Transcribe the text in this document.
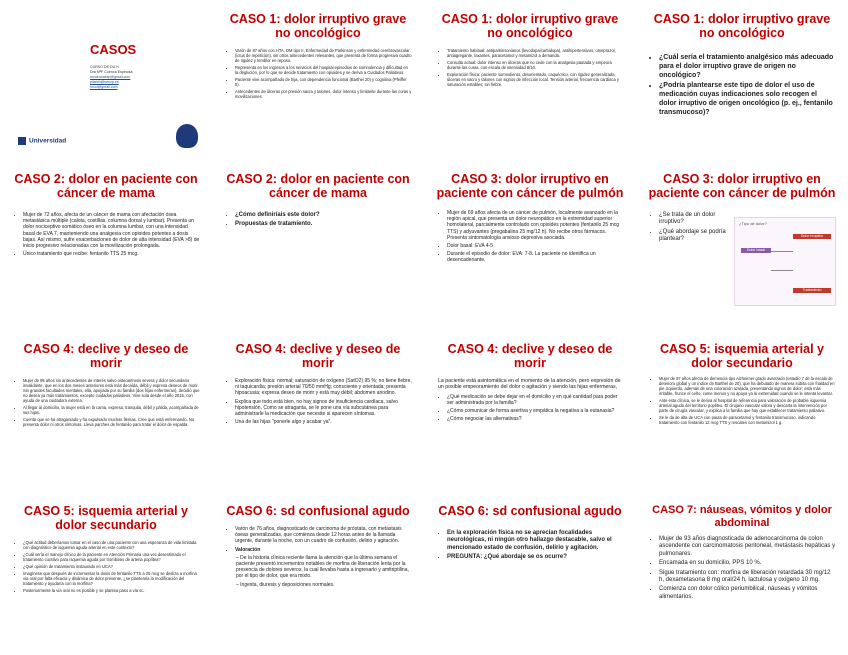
CASOS
CURSO DE DU H
Dra MªF Cuenca Espinosa
mcuencaesp@gmail.com
pilarch@seucp.es
mcol@gmail.com
Universidad
CASO 1: dolor irruptivo grave no oncológico
• Varón de 87 años con HTA, DM tipo II, Enfermedad de Parkinson y enfermedad cerebrovascular (ictus de repetición), sin otros antecedentes relevantes, que presenta de forma progresiva cuadro de rigidez y temblor en reposo.
• Representa en los ingresos a los servicios del hospital episodios de somnolencia y dificultad en la deglución, por lo que se decide tratamiento con opioides y se deriva a Cuidados Paliativos.
• Paciente vive acompañado de hija, con dependencia funcional (Barthel 20) y cognitiva (Pfeiffer 6).
• Antecedentes de úlceras por presión sacra y talones, dolor intenso y limitante durante las curas y movilizaciones.
CASO 1: dolor irruptivo grave no oncológico
• Tratamiento habitual: antiparkinsonianos (levodopa/carbidopa), antihipertensivos, omeprazol, antiagregante, laxantes, paracetamol y metamizol a demanda.
• Consulta actual: dolor intenso en úlceras que no cede con la analgesia pautada y empeora durante las curas, con escala de intensidad 8/10.
• Exploración física: paciente somnoliento, desorientado, caquéctico, con rigidez generalizada, úlceras en sacro y talones con signos de infección local. Tensión arterial, frecuencia cardíaca y saturación estables; sin fiebre.
CASO 1: dolor irruptivo grave no oncológico
• ¿Cuál sería el tratamiento analgésico más adecuado para el dolor irruptivo grave de origen no oncológico?
• ¿Podría plantearse este tipo de dolor el uso de medicación cuyas indicaciones solo recogen el dolor irruptivo de origen oncológico (p. ej., fentanilo transmucoso)?
CASO 2: dolor en paciente con cáncer de mama
• Mujer de 72 años, afecta de un cáncer de mama con afectación ósea metastásica múltiple (calota, costillas, columna dorsal y lumbar). Presenta un dolor nociceptivo somático óseo en la columna lumbar, con una intensidad basal de EVA 7, manteniendo una analgesia con opioides potentes a dosis bajas. Así mismo, sufre exacerbaciones de dolor de alta intensidad (EVA >8) de inicio progresivo relacionadas con la movilización prolongada.
• Único tratamiento que recibe: fentanilo TTS 25 mcg.
CASO 2: dolor en paciente con cáncer de mama
• ¿Cómo definiríais este dolor?
• Propuestas de tratamiento.
CASO 3: dolor irruptivo en paciente con cáncer de pulmón
• Mujer de 69 años afecta de un cáncer de pulmón, localmente avanzado en la región apical, que presenta un dolor neuropático en la extremidad superior homolateral, parcialmente controlado con opioides potentes (fentanilo 25 mcg TTS) y adyuvantes (pregabalina 25 mg/12 h). No recibe otros fármacos. Presenta sintomatología ansioso depresiva asociada.
• Dolor basal: EVA 4-5
• Durante el episodio de dolor: EVA: 7-8. La paciente no identifica un desencadenante.
CASO 3: dolor irruptivo en paciente con cáncer de pulmón
• ¿Se trata de un dolor irruptivo?
• ¿Qué abordaje se podría plantear?
¿Tipo de dolor?
Dolor basal
Dolor irruptivo
Tratamiento
CASO 4: declive y deseo de morir
• Mujer de 95 años sin antecedentes de interés salvo osteoartrosis severa y dolor secundario invalidante, que en los dos meses anteriores está más decaída, débil y expresa deseos de morir. Sin grandes facultades mentales, ella, apoyada por su familia (dos hijas enfermeras), decidió que no desea ya más tratamientos, excepto cuidados paliativos. Vive sola desde el año 2015, con ayuda de una cuidadora externa.
• Al llegar al domicilio, la mujer está en la cama, expresa, tranquila, débil y pálida, acompañada de sus hijas.
• Cuenta que se ha atragantado y ha expulsado muchas flemas. Cree que está enfermando. No presenta dolor ni otros síntomas. Lleva parches de fentanilo para tratar el dolor de espalda.
CASO 4: declive y deseo de morir
• Exploración física: normal; saturación de oxígeno (SatO2) 95 %; no tiene fiebre, ni taquicardia; presión arterial 70/50 mmHg; consciente y orientada; presenta hipoacusia; expresa deseo de morir y está muy débil; abdomen anodino.
• Explica que todo está bien, no hay signos de insuficiencia cardíaca, salvo hipotensión. Como se atraganta, se le pone una vía subcutánea para administrarle la medicación que necesite si aparecen síntomas.
• Una de las hijas "ponerle algo y acabar ya".
CASO 4: declive y deseo de morir

La paciente está asintomática en el momento de la atención, pero expresión de un posible empeoramiento del dolor o agitación y siendo las hijas enfermeras,

• ¿Qué medicación se debe dejar en el domicilio y en qué cantidad para poder ser administrada por la familia?
• ¿Cómo comunicar de forma asertiva y empática la negativa a la eutanasia?
• ¿Cómo negociar las alternativas?
CASO 5: isquemia arterial y dolor secundario
• Mujer de 97 años afecta de demencia tipo Alzheimer grado avanzado (estadio 7 de la escala de deterioro global y un índice de Barthel de 20), que ha debutado de manera súbita con frialdad en pie izquierdo, además de una coloración azulada, presentando signos de dolor; está más irritable, frunce el ceño, come menos y no apoya ya la extremidad cuando se le intenta levantar.
• Ante esta clínica, se le deriva al hospital de referencia para valoración de probable isquemia arterial aguda del territorio popliteo. El cirujano vascular valora y descarta la intervención por parte de cirugía vascular, y explica a la familia que hay que establecer tratamiento paliativo.
• Se le da de alta de UCA con pauta de paracetamol y fentanilo transmucoso, indicando tratamiento con fentanilo 12 mcg TTS y rescates con metamizol 1 g.
CASO 5: isquemia arterial y dolor secundario
• ¿Qué actitud deberíamos tomar en el caso de una paciente con una esperanza de vida limitada con diagnóstico de isquemia aguda arterial en este contexto?
• ¿Cuál sería el manejo clínico de la paciente en Atención Primaria una vez desestimado el tratamiento curativo para isquemia aguda por trombosis de arteria poplítea?
• ¿Qué opinión de tratamiento instaurado en UCA?
• Imagínese que después de incrementar la dosis de fentanilo TTS a 25 mcg se desliza a morfina vía oral por falta eficacia y dinámica de dolor presente, ¿se plantearía la modificación del tratamiento y ayudaría con la morfina?
• Posteriormente la vía oral no es posible y se plantea paso a vía sc.
CASO 6: sd confusional agudo
• Varón de 76 años, diagnosticado de carcinoma de próstata, con metástasis óseas generalizadas, que comienza desde 12 horas antes de la llamada urgente, durante la noche, con un cuadro de confusión, delirio y agitación.
• Valoración
– De la historia clínica reciente llama la atención que la última semana el paciente presentó incrementos notables de morfina de liberación lenta por la presencia de dolores severos, la cual llevaba hasta a ingresarlo y amitriptilina, por el tipo de dolor, que era mixto.
– Ingesta, diuresis y deposiciones normales.
CASO 6: sd confusional agudo
• En la exploración física no se aprecian focalidades neurológicas, ni ningún otro hallazgo destacable, salvo el mencionado estado de confusión, delirio y agitación.
• PREGUNTA: ¿Qué abordaje se os ocurre?
CASO 7: náuseas, vómitos y dolor abdominal
• Mujer de 93 años diagnosticada de adenocarcinoma de colon ascendente con carcinomatosis peritoneal, metástasis hepáticas y pulmonares.
• Encamada en su domicilio, PPS 10 %.
• Sigue tratamiento con: morfina de liberación retardada 30 mg/12 h, dexametasona 8 mg oral/24 h, lactulosa y oxígeno 10 mg.
• Comienza con dolor cólico periumbilical, náuseas y vómitos alimentarios.
